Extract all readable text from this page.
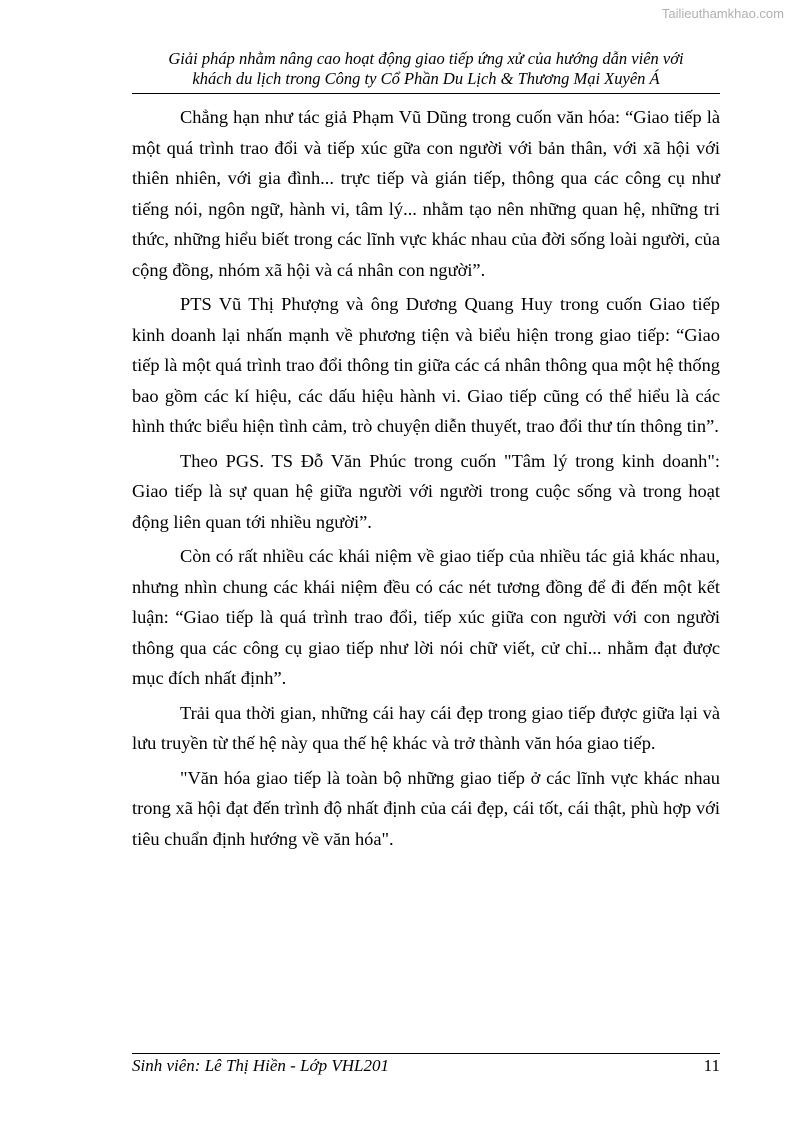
Tailieuthamkhao.com
Giải pháp nhằm nâng cao hoạt động giao tiếp ứng xử của hướng dẫn viên với
khách du lịch trong Công ty Cổ Phần Du Lịch & Thương Mại Xuyên Á

Chẳng hạn như tác giả Phạm Vũ Dũng trong cuốn văn hóa: “Giao tiếp là một quá trình trao đổi và tiếp xúc gữa con người với bản thân, với xã hội với thiên nhiên, với gia đình... trực tiếp và gián tiếp, thông qua các công cụ như tiếng nói, ngôn ngữ, hành vi, tâm lý... nhằm tạo nên những quan hệ, những tri thức, những hiểu biết trong các lĩnh vực khác nhau của đời sống loài người, của cộng đồng, nhóm xã hội và cá nhân con người”.

PTS Vũ Thị Phượng và ông Dương Quang Huy trong cuốn Giao tiếp kinh doanh lại nhấn mạnh về phương tiện và biểu hiện trong giao tiếp: “Giao tiếp là một quá trình trao đổi thông tin giữa các cá nhân thông qua một hệ thống bao gồm các kí hiệu, các dấu hiệu hành vi. Giao tiếp cũng có thể hiểu là các hình thức biểu hiện tình cảm, trò chuyện diễn thuyết, trao đổi thư tín thông tin”.

Theo PGS. TS Đỗ Văn Phúc trong cuốn "Tâm lý trong kinh doanh": Giao tiếp là sự quan hệ giữa người với người trong cuộc sống và trong hoạt động liên quan tới nhiều người”.

Còn có rất nhiều các khái niệm về giao tiếp của nhiều tác giả khác nhau, nhưng nhìn chung các khái niệm đều có các nét tương đồng để đi đến một kết luận: “Giao tiếp là quá trình trao đổi, tiếp xúc giữa con người với con người thông qua các công cụ giao tiếp như lời nói chữ viết, cử chỉ... nhằm đạt được mục đích nhất định”.

Trải qua thời gian, những cái hay cái đẹp trong giao tiếp được giữa lại và lưu truyền từ thế hệ này qua thế hệ khác và trở thành văn hóa giao tiếp.

"Văn hóa giao tiếp là toàn bộ những giao tiếp ở các lĩnh vực khác nhau trong xã hội đạt đến trình độ nhất định của cái đẹp, cái tốt, cái thật, phù hợp với tiêu chuẩn định hướng về văn hóa".

Sinh viên: Lê Thị Hiền - Lớp VHL201	11
